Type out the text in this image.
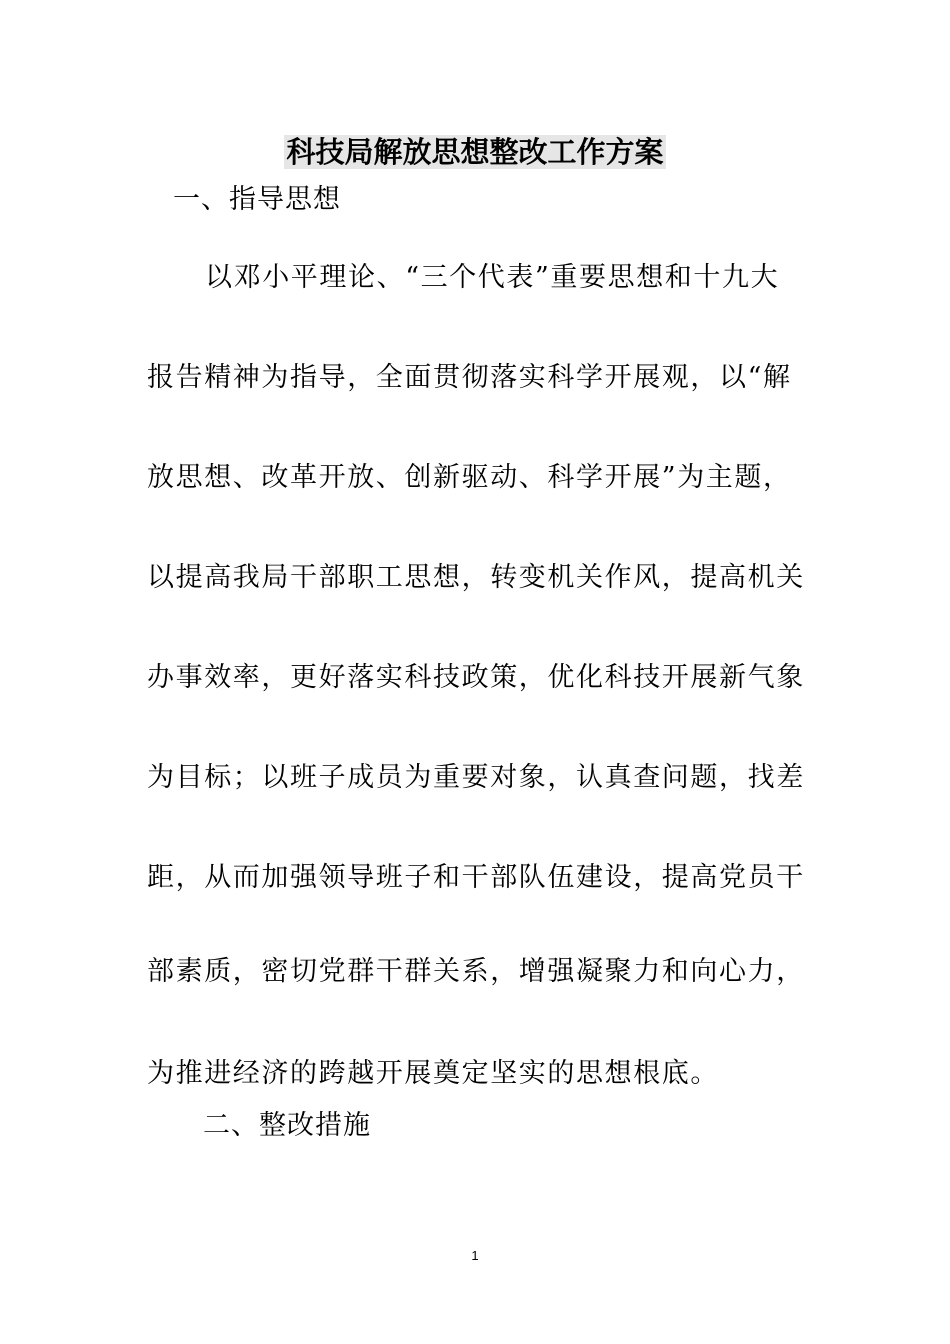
科技局解放思想整改工作方案
一、指导思想
以邓小平理论、“三个代表”重要思想和十九大
报告精神为指导，全面贯彻落实科学开展观，以“解
放思想、改革开放、创新驱动、科学开展”为主题，
以提高我局干部职工思想，转变机关作风，提高机关
办事效率，更好落实科技政策，优化科技开展新气象
为目标；以班子成员为重要对象，认真查问题，找差
距，从而加强领导班子和干部队伍建设，提高党员干
部素质，密切党群干群关系，增强凝聚力和向心力，
为推进经济的跨越开展奠定坚实的思想根底。
二、整改措施
1
